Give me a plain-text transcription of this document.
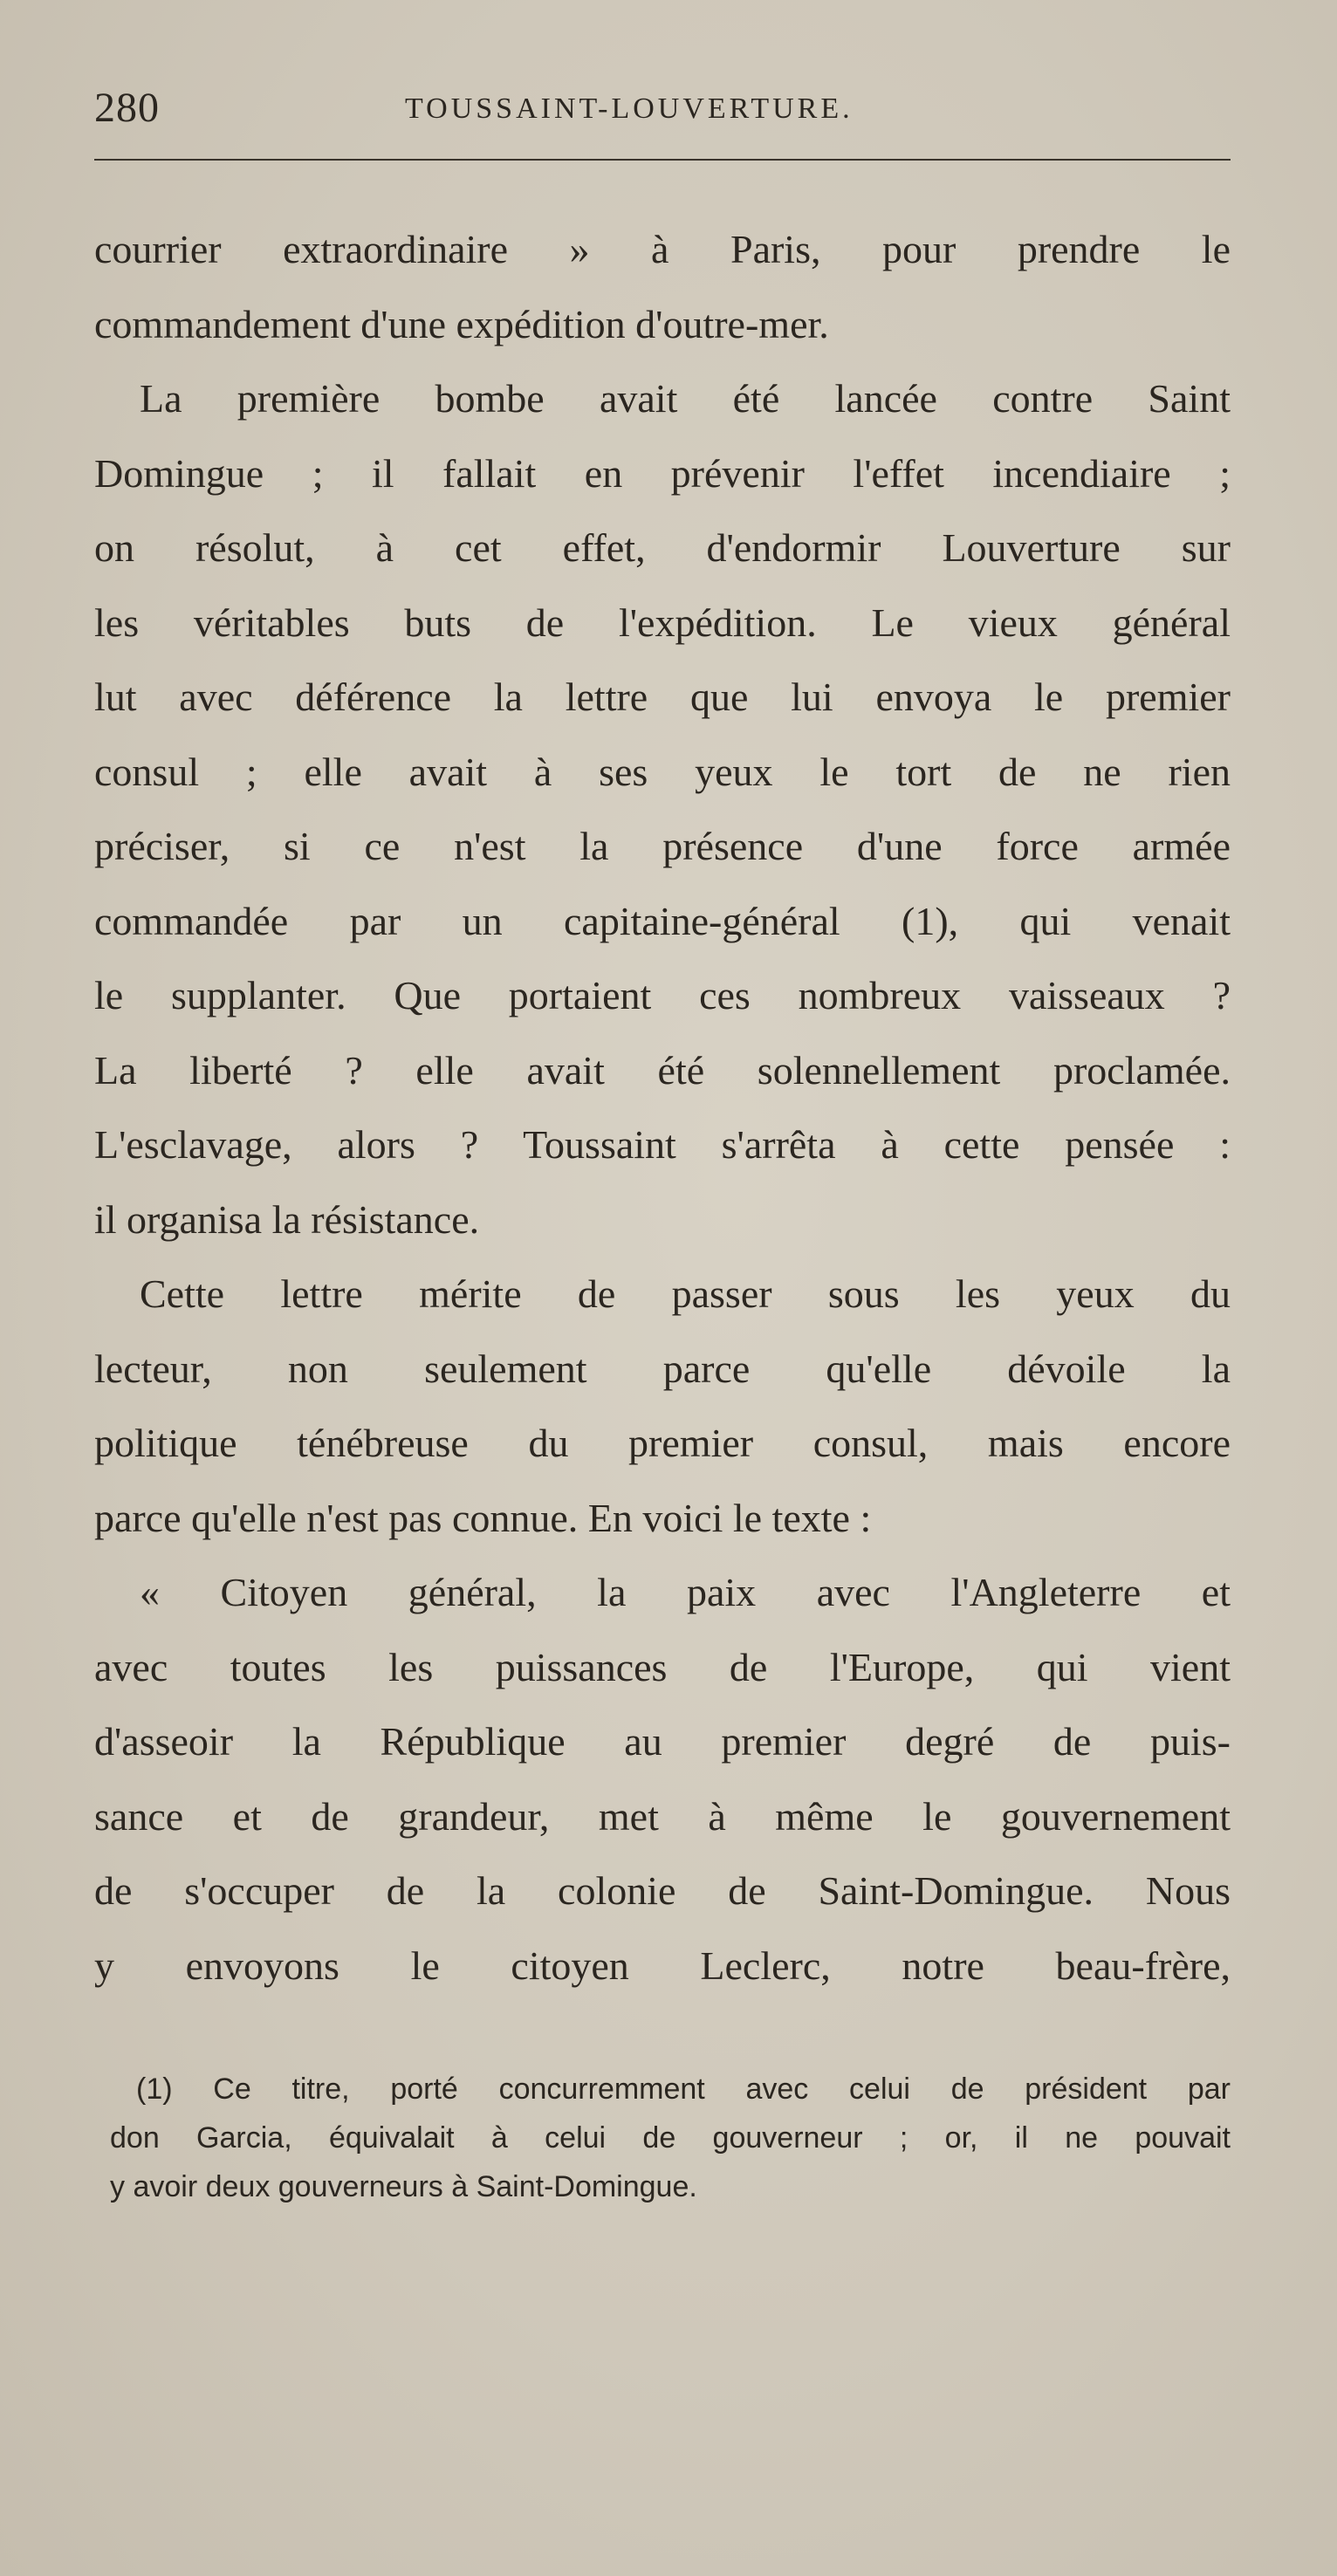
280	TOUSSAINT-LOUVERTURE.
courrier extraordinaire » à Paris, pour prendre le
commandement d'une expédition d'outre-mer.
La première bombe avait été lancée contre Saint
Domingue ; il fallait en prévenir l'effet incendiaire ;
on résolut, à cet effet, d'endormir Louverture sur
les véritables buts de l'expédition. Le vieux général
lut avec déférence la lettre que lui envoya le premier
consul ; elle avait à ses yeux le tort de ne rien
préciser, si ce n'est la présence d'une force armée
commandée par un capitaine-général (1), qui venait
le supplanter. Que portaient ces nombreux vaisseaux ?
La liberté ? elle avait été solennellement proclamée.
L'esclavage, alors ? Toussaint s'arrêta à cette pensée :
il organisa la résistance.
Cette lettre mérite de passer sous les yeux du
lecteur, non seulement parce qu'elle dévoile la
politique ténébreuse du premier consul, mais encore
parce qu'elle n'est pas connue. En voici le texte :
« Citoyen général, la paix avec l'Angleterre et
avec toutes les puissances de l'Europe, qui vient
d'asseoir la République au premier degré de puis-
sance et de grandeur, met à même le gouvernement
de s'occuper de la colonie de Saint-Domingue. Nous
y envoyons le citoyen Leclerc, notre beau-frère,
(1) Ce titre, porté concurremment avec celui de président par
don Garcia, équivalait à celui de gouverneur ; or, il ne pouvait
y avoir deux gouverneurs à Saint-Domingue.
